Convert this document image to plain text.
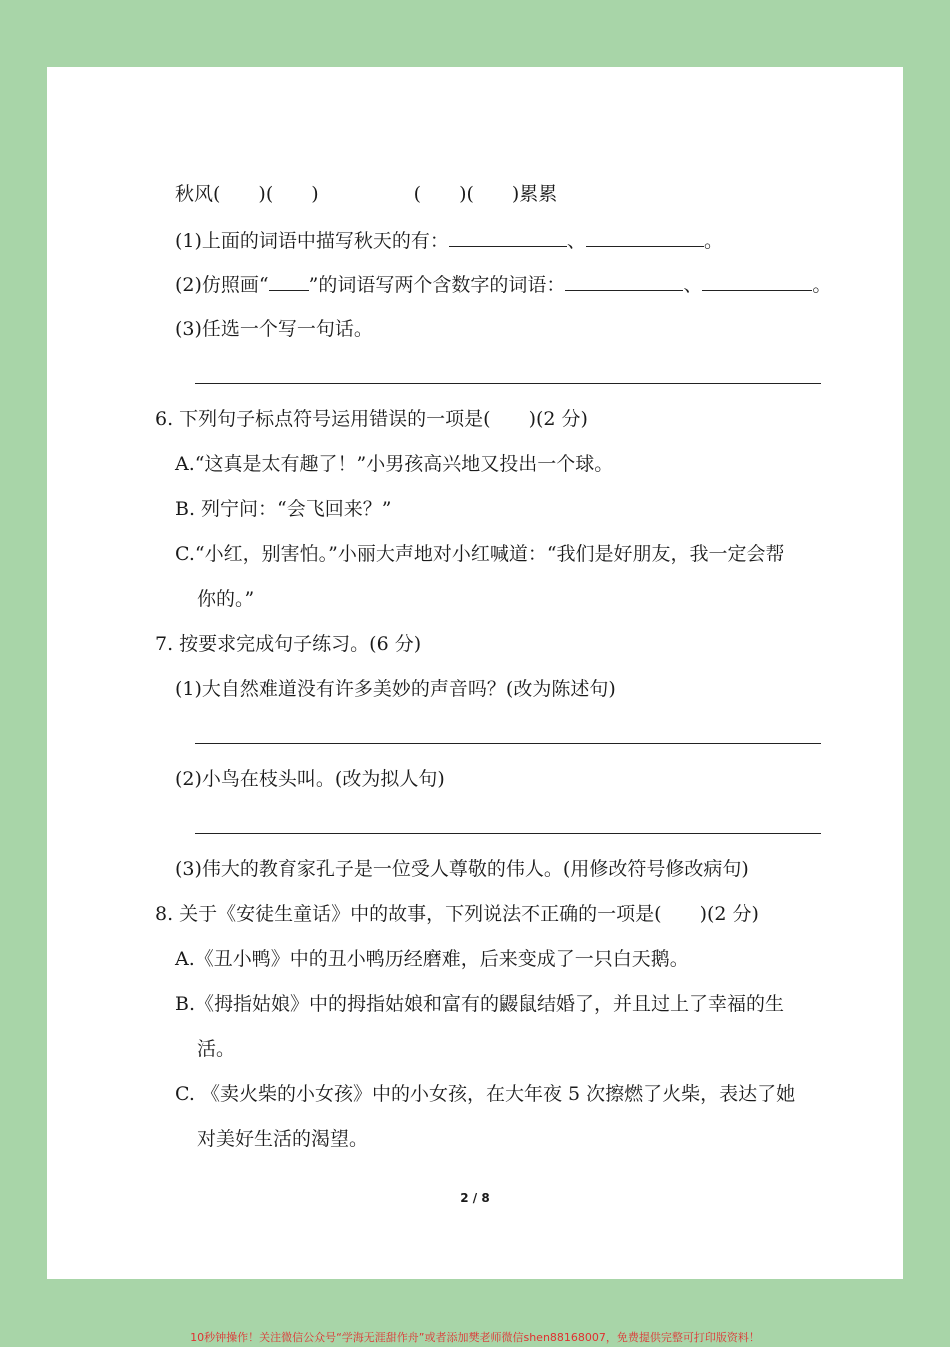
秋风(　　)(　　)　　　　　(　　)(　　)累累
(1)上面的词语中描写秋天的有：	、	。
(2)仿照画“ ”的词语写两个含数字的词语：	、	。
(3)任选一个写一句话。
6. 下列句子标点符号运用错误的一项是(　　)(2 分)
A.“这真是太有趣了！”小男孩高兴地又投出一个球。
B. 列宁问：“会飞回来？”
C.“小红，别害怕。”小丽大声地对小红喊道：“我们是好朋友，我一定会帮
你的。”
7. 按要求完成句子练习。(6 分)
(1)大自然难道没有许多美妙的声音吗？(改为陈述句)
(2)小鸟在枝头叫。(改为拟人句)
(3)伟大的教育家孔子是一位受人尊敬的伟人。(用修改符号修改病句)
8. 关于《安徒生童话》中的故事，下列说法不正确的一项是(　　)(2 分)
A.《丑小鸭》中的丑小鸭历经磨难，后来变成了一只白天鹅。
B.《拇指姑娘》中的拇指姑娘和富有的鼹鼠结婚了，并且过上了幸福的生
活。
C. 《卖火柴的小女孩》中的小女孩，在大年夜 5 次擦燃了火柴，表达了她
对美好生活的渴望。
2 / 8
10秒钟操作！关注微信公众号“学海无涯甜作舟”或者添加樊老师微信shen88168007，免费提供完整可打印版资料！
